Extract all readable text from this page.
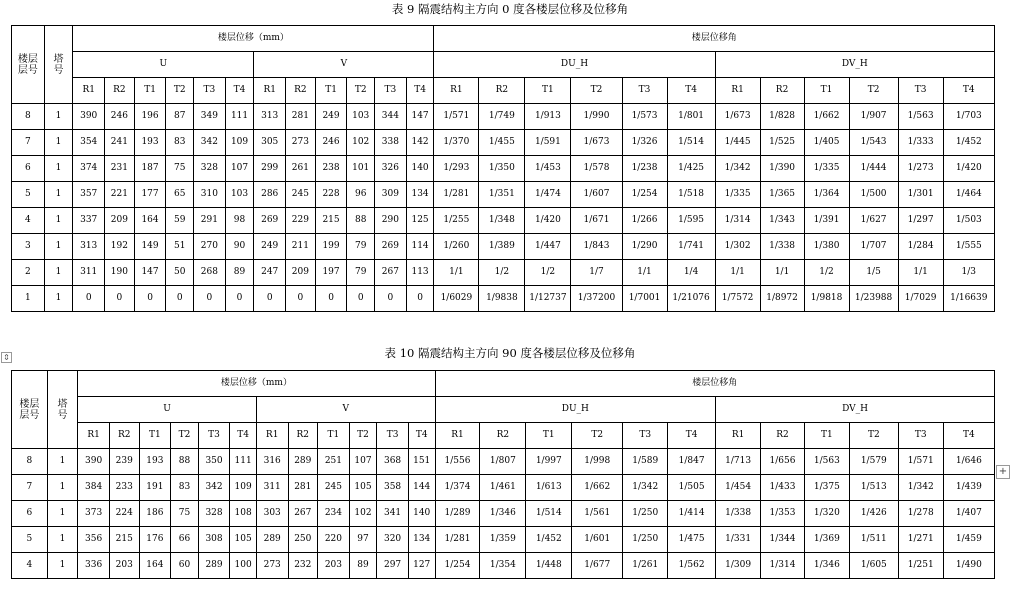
表 9 隔震结构主方向 0 度各楼层位移及位移角
楼层
层号	塔
号	楼层位移（mm）												楼层位移角											
		U						V						DU_H						DV_H					
		R1	R2	T1	T2	T3	T4	R1	R2	T1	T2	T3	T4	R1	R2	T1	T2	T3	T4	R1	R2	T1	T2	T3	T4
8	1	390	246	196	87	349	111	313	281	249	103	344	147	1/571	1/749	1/913	1/990	1/573	1/801	1/673	1/828	1/662	1/907	1/563	1/703
7	1	354	241	193	83	342	109	305	273	246	102	338	142	1/370	1/455	1/591	1/673	1/326	1/514	1/445	1/525	1/405	1/543	1/333	1/452
6	1	374	231	187	75	328	107	299	261	238	101	326	140	1/293	1/350	1/453	1/578	1/238	1/425	1/342	1/390	1/335	1/444	1/273	1/420
5	1	357	221	177	65	310	103	286	245	228	96	309	134	1/281	1/351	1/474	1/607	1/254	1/518	1/335	1/365	1/364	1/500	1/301	1/464
4	1	337	209	164	59	291	98	269	229	215	88	290	125	1/255	1/348	1/420	1/671	1/266	1/595	1/314	1/343	1/391	1/627	1/297	1/503
3	1	313	192	149	51	270	90	249	211	199	79	269	114	1/260	1/389	1/447	1/843	1/290	1/741	1/302	1/338	1/380	1/707	1/284	1/555
2	1	311	190	147	50	268	89	247	209	197	79	267	113	1/1	1/2	1/2	1/7	1/1	1/4	1/1	1/1	1/2	1/5	1/1	1/3
1	1	0	0	0	0	0	0	0	0	0	0	0	0	1/6029	1/9838	1/12737	1/37200	1/7001	1/21076	1/7572	1/8972	1/9818	1/23988	1/7029	1/16639
⇕	表 10 隔震结构主方向 90 度各楼层位移及位移角
楼层
层号	塔
号	楼层位移（mm）												楼层位移角											
		U						V						DU_H						DV_H					
		R1	R2	T1	T2	T3	T4	R1	R2	T1	T2	T3	T4	R1	R2	T1	T2	T3	T4	R1	R2	T1	T2	T3	T4
8	1	390	239	193	88	350	111	316	289	251	107	368	151	1/556	1/807	1/997	1/998	1/589	1/847	1/713	1/656	1/563	1/579	1/571	1/646
7	1	384	233	191	83	342	109	311	281	245	105	358	144	1/374	1/461	1/613	1/662	1/342	1/505	1/454	1/433	1/375	1/513	1/342	1/439
6	1	373	224	186	75	328	108	303	267	234	102	341	140	1/289	1/346	1/514	1/561	1/250	1/414	1/338	1/353	1/320	1/426	1/278	1/407
5	1	356	215	176	66	308	105	289	250	220	97	320	134	1/281	1/359	1/452	1/601	1/250	1/475	1/331	1/344	1/369	1/511	1/271	1/459
4	1	336	203	164	60	289	100	273	232	203	89	297	127	1/254	1/354	1/448	1/677	1/261	1/562	1/309	1/314	1/346	1/605	1/251	1/490
+
